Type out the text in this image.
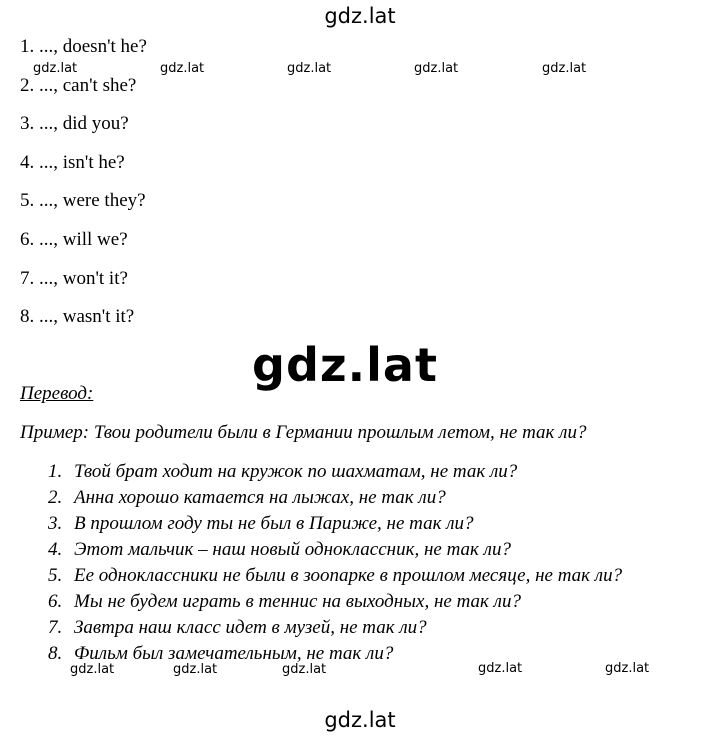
gdz.lat
1. ..., doesn't he?
2. ..., can't she?
3. ..., did you?
4. ..., isn't he?
5. ..., were they?
6. ..., will we?
7. ..., won't it?
8. ..., wasn't it?
gdz.lat	gdz.lat	gdz.lat	gdz.lat	gdz.lat
gdz.lat
Перевод:
Пример: Твои родители были в Германии прошлым летом, не так ли?
1. Твой брат ходит на кружок по шахматам, не так ли?
2. Анна хорошо катается на лыжах, не так ли?
3. В прошлом году ты не был в Париже, не так ли?
4. Этот мальчик – наш новый одноклассник, не так ли?
5. Ее одноклассники не были в зоопарке в прошлом месяце, не так ли?
6. Мы не будем играть в теннис на выходных, не так ли?
7. Завтра наш класс идет в музей, не так ли?
8. Фильм был замечательным, не так ли?
gdz.lat	gdz.lat	gdz.lat	gdz.lat	gdz.lat
gdz.lat
